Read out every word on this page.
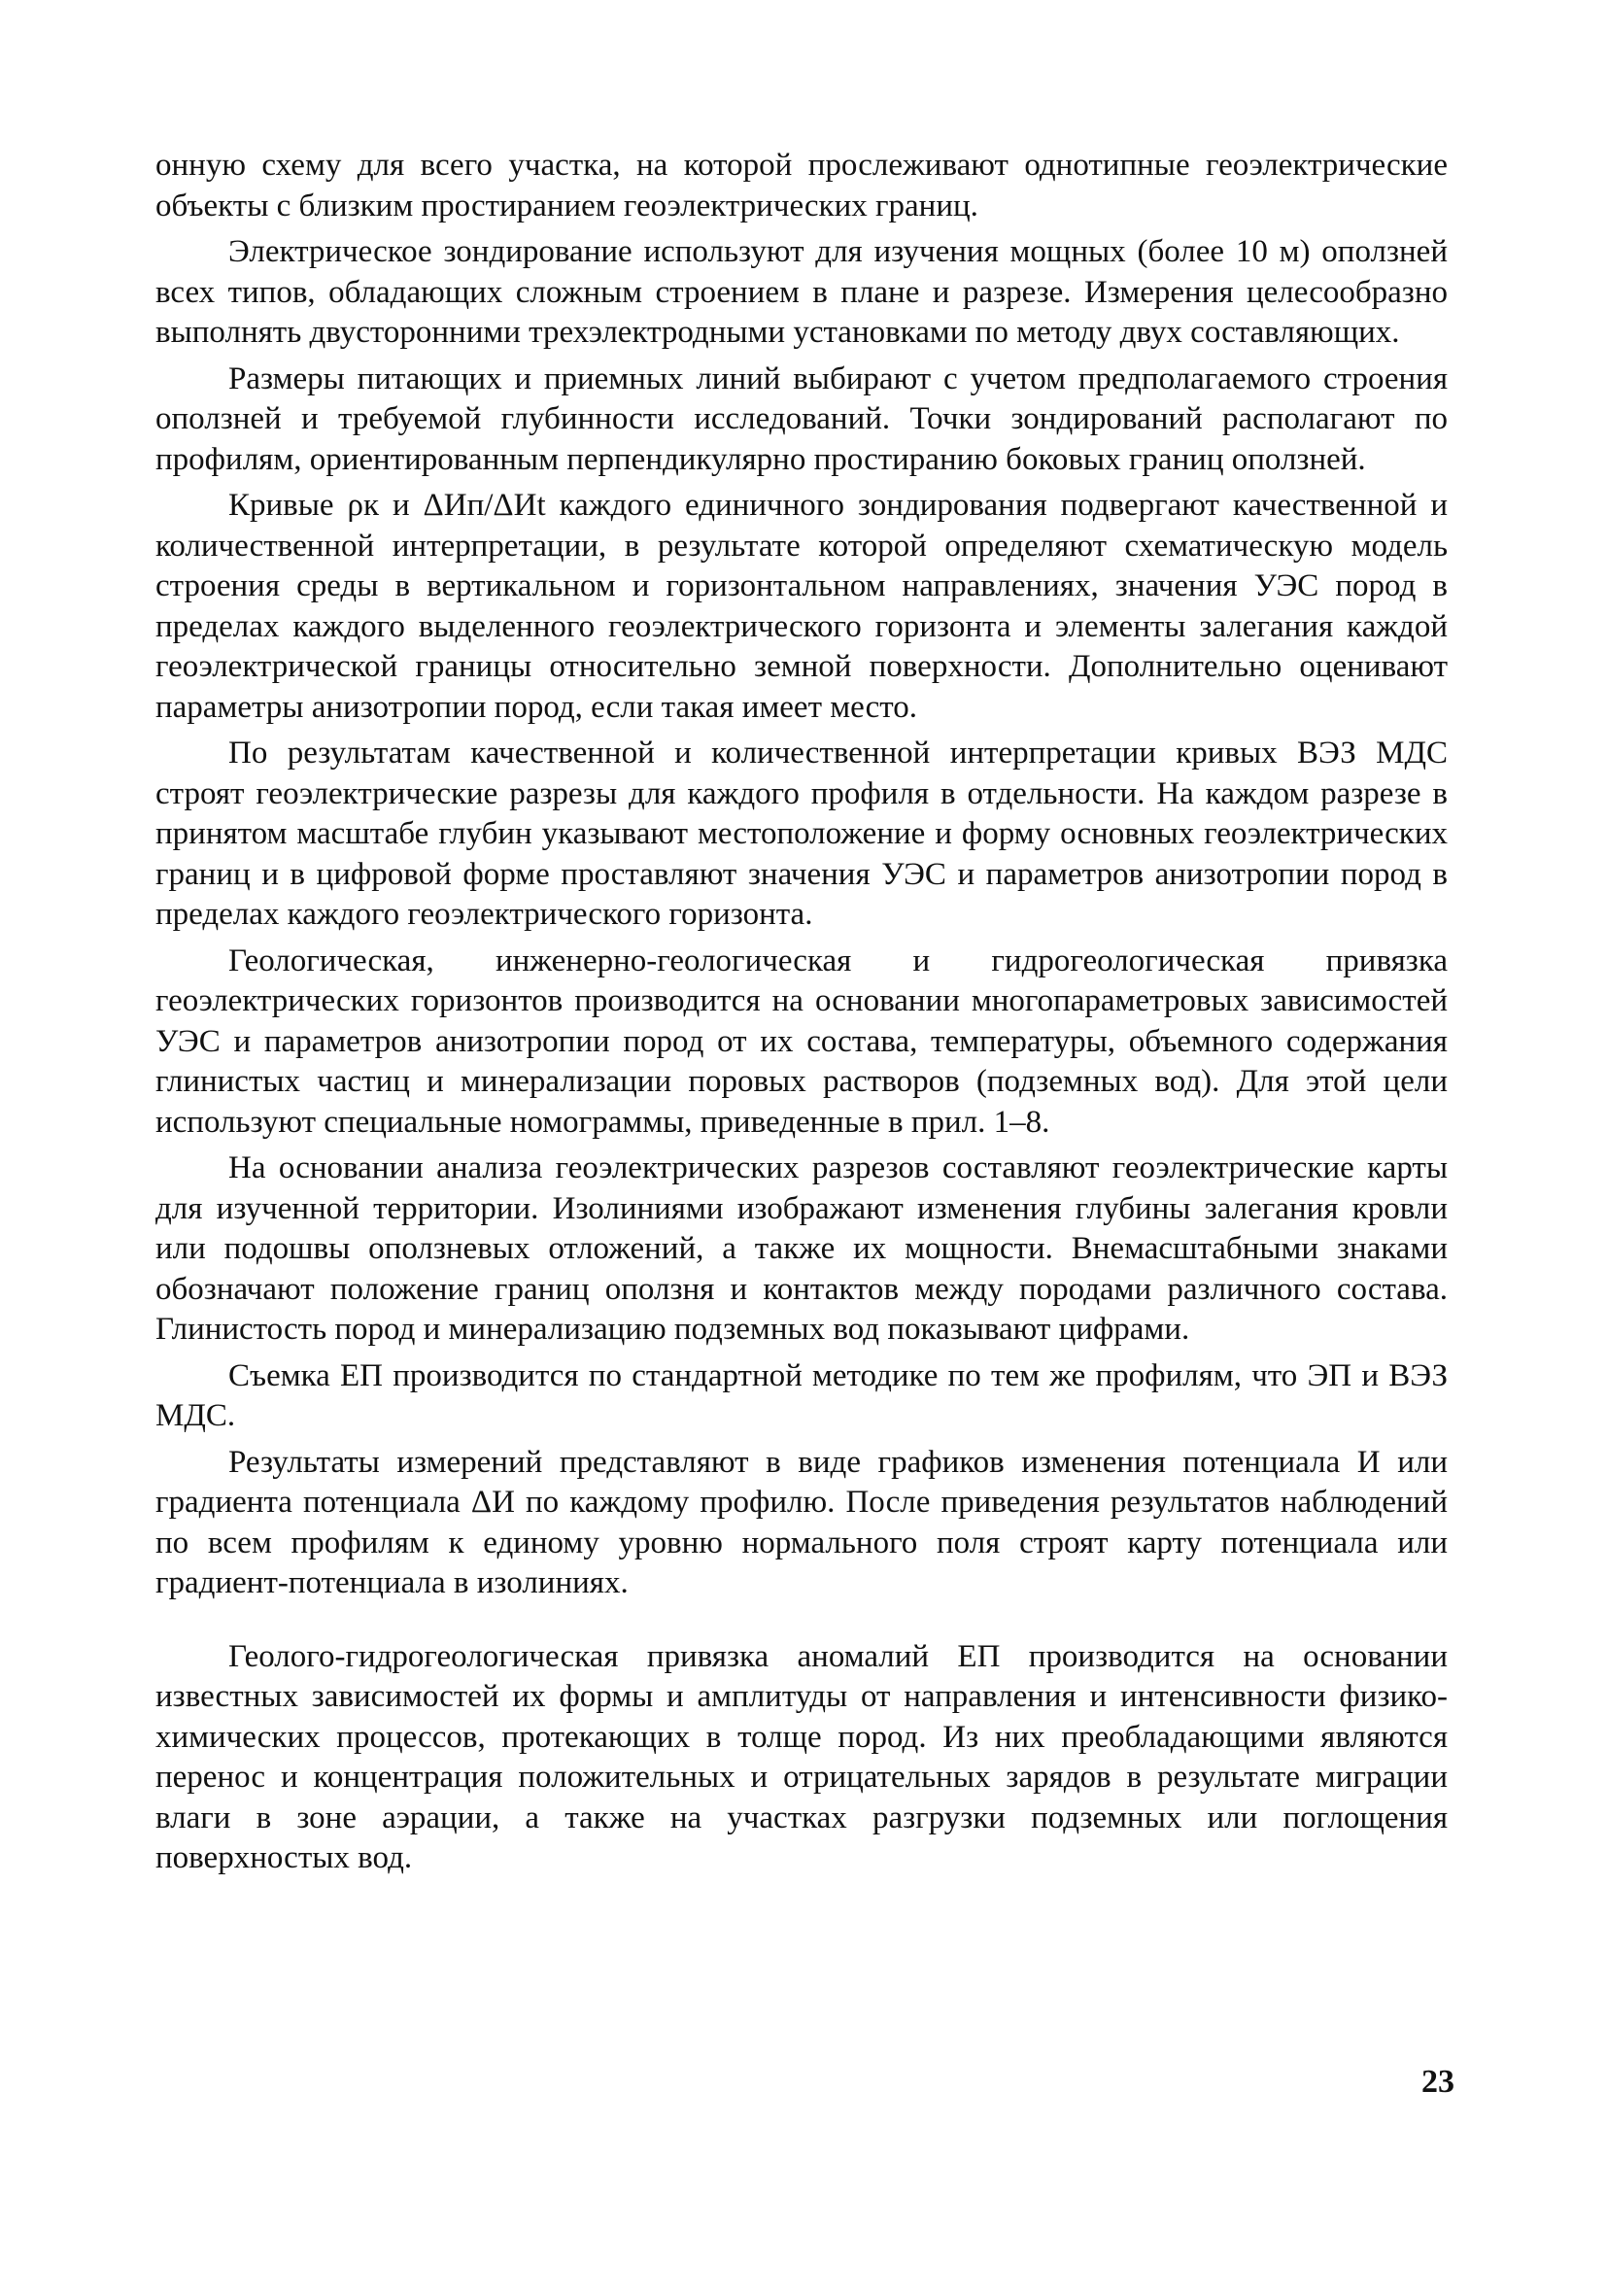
онную схему для всего участка, на которой прослеживают однотипные геоэлектрические объекты с близким простиранием геоэлектрических границ.

Электрическое зондирование используют для изучения мощных (более 10 м) оползней всех типов, обладающих сложным строением в плане и разрезе. Измерения целесообразно выполнять двусторонними трехэлектродными установками по методу двух составляющих.

Размеры питающих и приемных линий выбирают с учетом предполагаемого строения оползней и требуемой глубинности исследований. Точки зондирований располагают по профилям, ориентированным перпендикулярно простиранию боковых границ оползней.

Кривые ρк и ΔИп/ΔИt каждого единичного зондирования подвергают качественной и количественной интерпретации, в результате которой определяют схематическую модель строения среды в вертикальном и горизонтальном направлениях, значения УЭС пород в пределах каждого выделенного геоэлектрического горизонта и элементы залегания каждой геоэлектрической границы относительно земной поверхности. Дополнительно оценивают параметры анизотропии пород, если такая имеет место.

По результатам качественной и количественной интерпретации кривых ВЭЗ МДС строят геоэлектрические разрезы для каждого профиля в отдельности. На каждом разрезе в принятом масштабе глубин указывают местоположение и форму основных геоэлектрических границ и в цифровой форме проставляют значения УЭС и параметров анизотропии пород в пределах каждого геоэлектрического горизонта.

Геологическая, инженерно-геологическая и гидрогеологическая привязка геоэлектрических горизонтов производится на основании многопараметровых зависимостей УЭС и параметров анизотропии пород от их состава, температуры, объемного содержания глинистых частиц и минерализации поровых растворов (подземных вод). Для этой цели используют специальные номограммы, приведенные в прил. 1–8.

На основании анализа геоэлектрических разрезов составляют геоэлектрические карты для изученной территории. Изолиниями изображают изменения глубины залегания кровли или подошвы оползневых отложений, а также их мощности. Внемасштабными знаками обозначают положение границ оползня и контактов между породами различного состава. Глинистость пород и минерализацию подземных вод показывают цифрами.

Съемка ЕП производится по стандартной методике по тем же профилям, что ЭП и ВЭЗ МДС.

Результаты измерений представляют в виде графиков изменения потенциала И или градиента потенциала ΔИ по каждому профилю. После приведения результатов наблюдений по всем профилям к единому уровню нормального поля строят карту потенциала или градиент-потенциала в изолиниях.

Геолого-гидрогеологическая привязка аномалий ЕП производится на основании известных зависимостей их формы и амплитуды от направления и интенсивности физико-химических процессов, протекающих в толще пород. Из них преобладающими являются перенос и концентрация положительных и отрицательных зарядов в результате миграции влаги в зоне аэрации, а также на участках разгрузки подземных или поглощения поверхностых вод.

23
